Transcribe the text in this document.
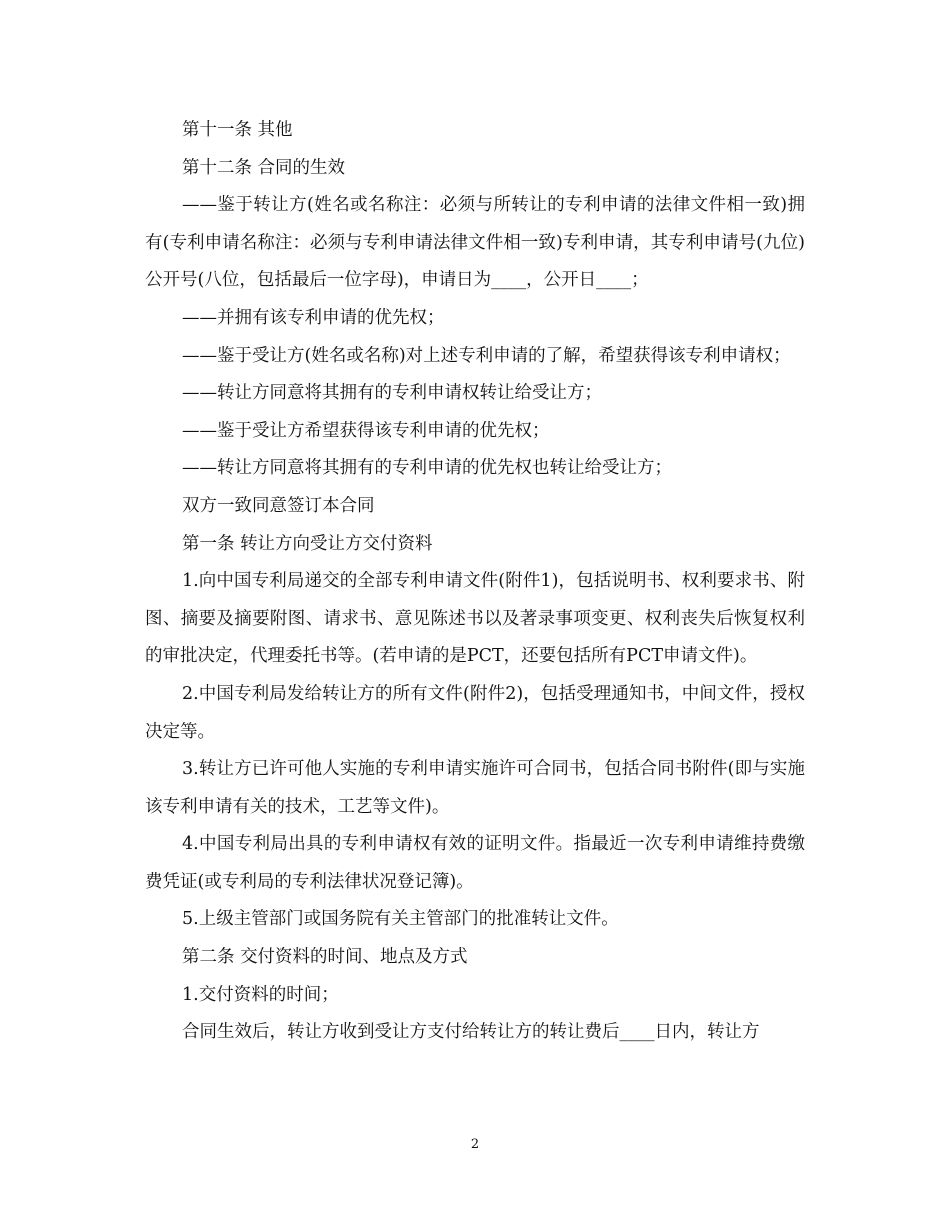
第十一条 其他

第十二条 合同的生效

——鉴于转让方(姓名或名称注：必须与所转让的专利申请的法律文件相一致)拥有(专利申请名称注：必须与专利申请法律文件相一致)专利申请，其专利申请号(九位)公开号(八位，包括最后一位字母)，申请日为____，公开日____；

——并拥有该专利申请的优先权；

——鉴于受让方(姓名或名称)对上述专利申请的了解，希望获得该专利申请权；

——转让方同意将其拥有的专利申请权转让给受让方；

——鉴于受让方希望获得该专利申请的优先权；

——转让方同意将其拥有的专利申请的优先权也转让给受让方；

双方一致同意签订本合同

第一条 转让方向受让方交付资料

1.向中国专利局递交的全部专利申请文件(附件1)，包括说明书、权利要求书、附图、摘要及摘要附图、请求书、意见陈述书以及著录事项变更、权利丧失后恢复权利的审批决定，代理委托书等。(若申请的是PCT，还要包括所有PCT申请文件)。

2.中国专利局发给转让方的所有文件(附件2)，包括受理通知书，中间文件，授权决定等。

3.转让方已许可他人实施的专利申请实施许可合同书，包括合同书附件(即与实施该专利申请有关的技术，工艺等文件)。

4.中国专利局出具的专利申请权有效的证明文件。指最近一次专利申请维持费缴费凭证(或专利局的专利法律状况登记簿)。

5.上级主管部门或国务院有关主管部门的批准转让文件。

第二条 交付资料的时间、地点及方式

1.交付资料的时间；

合同生效后，转让方收到受让方支付给转让方的转让费后____日内，转让方

2
